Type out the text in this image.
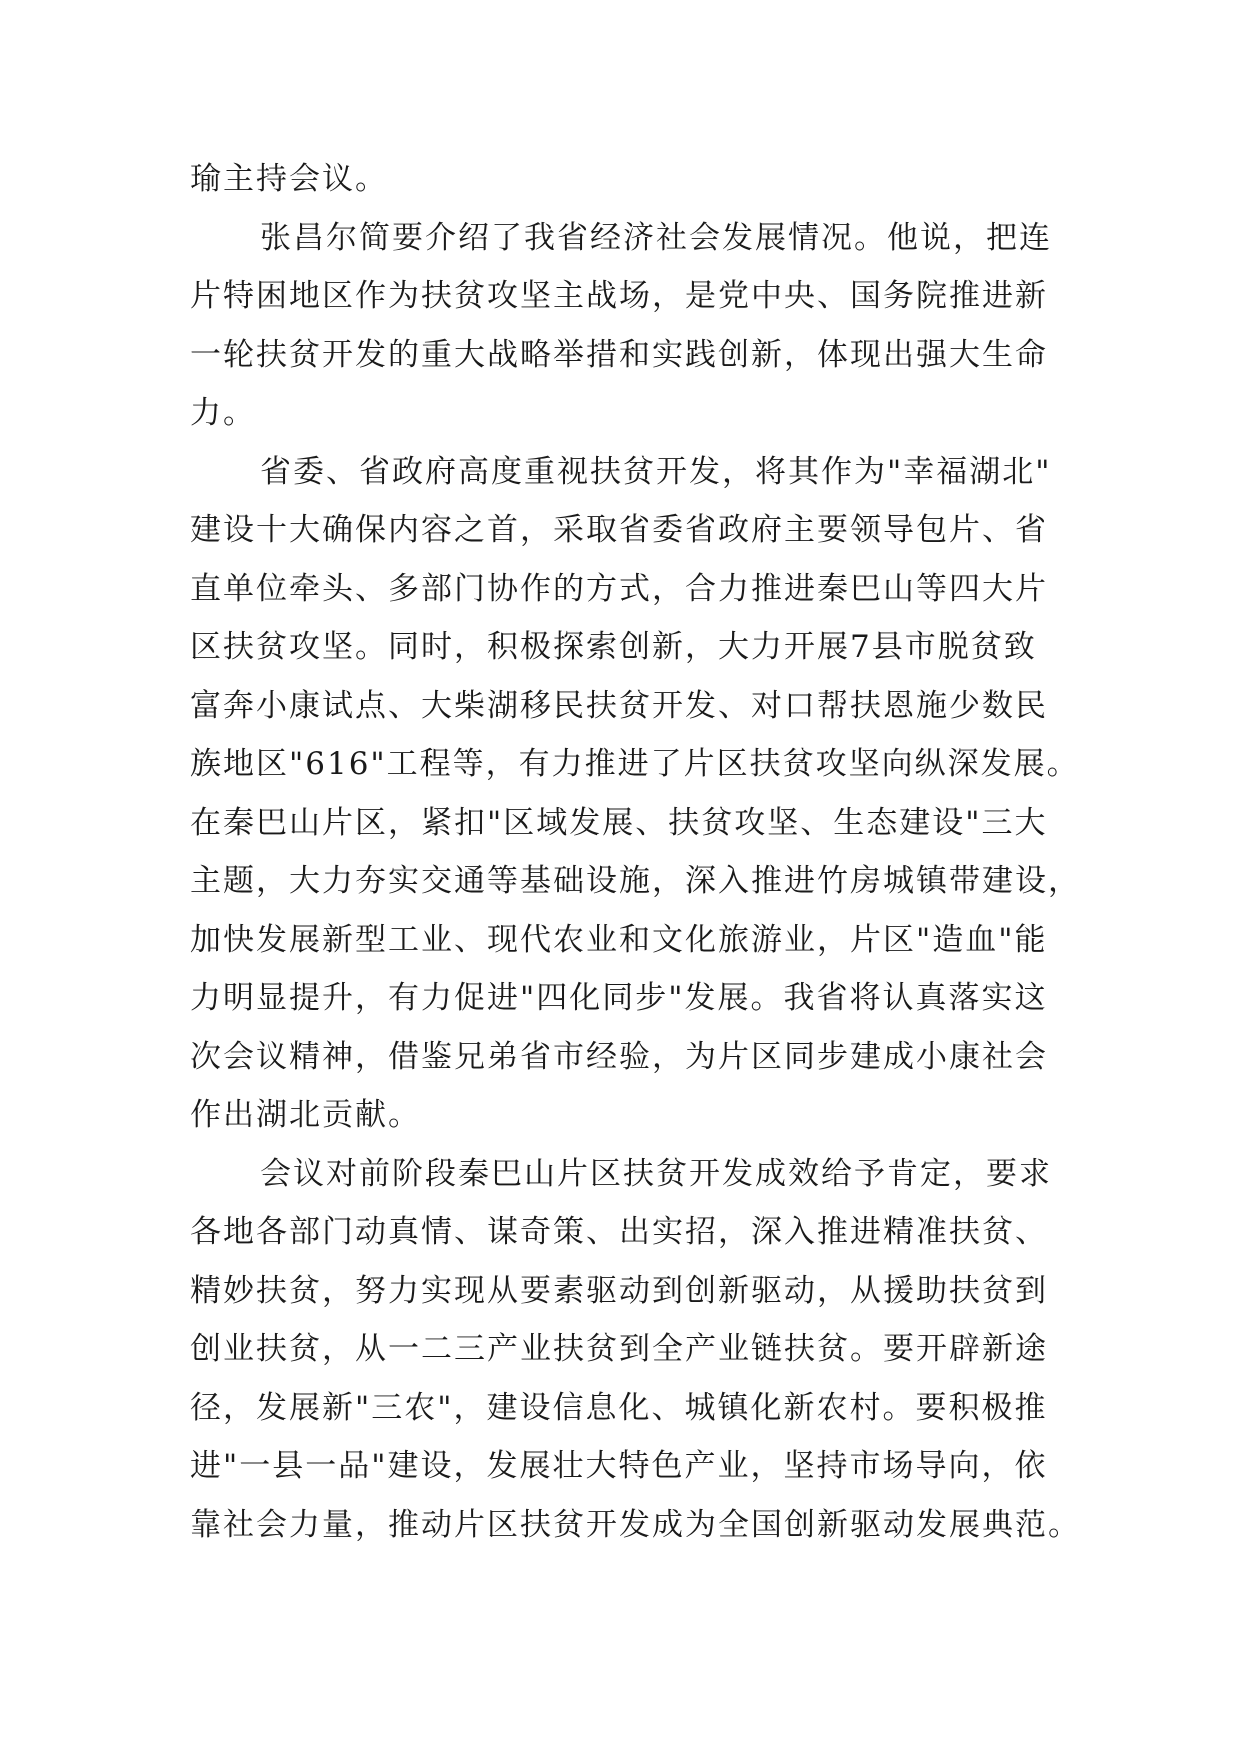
瑜主持会议。
张昌尔简要介绍了我省经济社会发展情况。他说，把连
片特困地区作为扶贫攻坚主战场，是党中央、国务院推进新
一轮扶贫开发的重大战略举措和实践创新，体现出强大生命
力。
省委、省政府高度重视扶贫开发，将其作为"幸福湖北"
建设十大确保内容之首，采取省委省政府主要领导包片、省
直单位牵头、多部门协作的方式，合力推进秦巴山等四大片
区扶贫攻坚。同时，积极探索创新，大力开展7县市脱贫致
富奔小康试点、大柴湖移民扶贫开发、对口帮扶恩施少数民
族地区"616"工程等，有力推进了片区扶贫攻坚向纵深发展。
在秦巴山片区，紧扣"区域发展、扶贫攻坚、生态建设"三大
主题，大力夯实交通等基础设施，深入推进竹房城镇带建设，
加快发展新型工业、现代农业和文化旅游业，片区"造血"能
力明显提升，有力促进"四化同步"发展。我省将认真落实这
次会议精神，借鉴兄弟省市经验，为片区同步建成小康社会
作出湖北贡献。
会议对前阶段秦巴山片区扶贫开发成效给予肯定，要求
各地各部门动真情、谋奇策、出实招，深入推进精准扶贫、
精妙扶贫，努力实现从要素驱动到创新驱动，从援助扶贫到
创业扶贫，从一二三产业扶贫到全产业链扶贫。要开辟新途
径，发展新"三农"，建设信息化、城镇化新农村。要积极推
进"一县一品"建设，发展壮大特色产业，坚持市场导向，依
靠社会力量，推动片区扶贫开发成为全国创新驱动发展典范。
